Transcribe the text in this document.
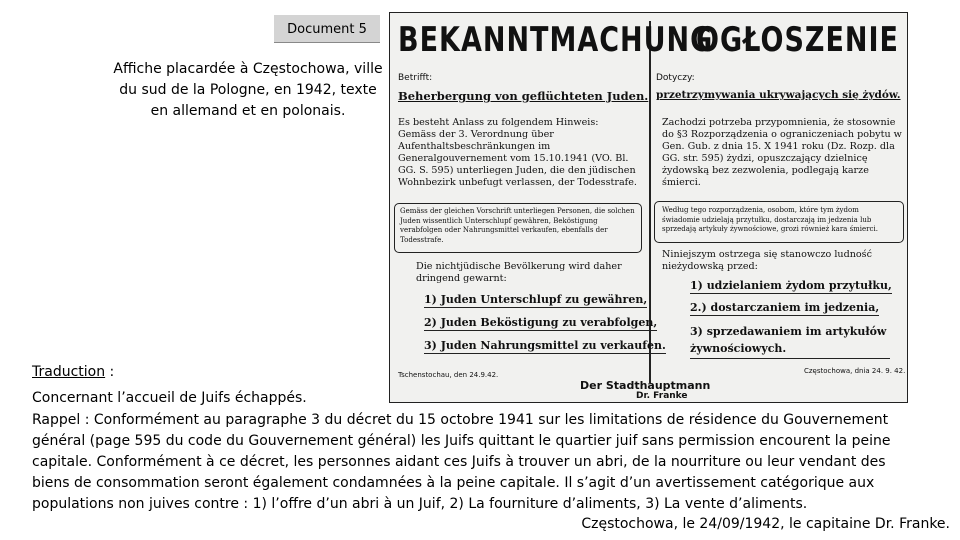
Document 5
Affiche placardée à Częstochowa, ville du sud de la Pologne, en 1942, texte en allemand et en polonais.
BEKANNTMACHUNG
Betrifft:
Beherbergung von geflüchteten Juden.
Es besteht Anlass zu folgendem Hinweis: Gemäss der 3. Verordnung über Aufenthaltsbeschränkungen im Generalgouvernement vom 15.10.1941 (VO. Bl. GG. S. 595) unterliegen Juden, die den jüdischen Wohnbezirk unbefugt verlassen, der Todesstrafe.
Gemäss der gleichen Vorschrift unterliegen Personen, die solchen Juden wissentlich Unterschlupf gewähren, Beköstigung verabfolgen oder Nahrungsmittel verkaufen, ebenfalls der Todesstrafe.
Die nichtjüdische Bevölkerung wird daher dringend gewarnt:
1) Juden Unterschlupf zu gewähren,
2) Juden Beköstigung zu verabfolgen,
3) Juden Nahrungsmittel zu verkaufen.
Tschenstochau, den 24.9.42.
OGŁOSZENIE
Dotyczy:
przetrzymywania ukrywających się żydów.
Zachodzi potrzeba przypomnienia, że stosownie do §3 Rozporządzenia o ograniczeniach pobytu w Gen. Gub. z dnia 15. X 1941 roku (Dz. Rozp. dla GG. str. 595) żydzi, opuszczający dzielnicę żydowską bez zezwolenia, podlegają karze śmierci.
Według tego rozporządzenia, osobom, które tym żydom świadomie udzielają przytułku, dostarczają im jedzenia lub sprzedają artykuły żywnościowe, grozi również kara śmierci.
Niniejszym ostrzega się stanowczo ludność nieżydowską przed:
1) udzielaniem żydom przytułku,
2.) dostarczaniem im jedzenia,
3) sprzedawaniem im artykułów żywnościowych.
Częstochowa, dnia 24. 9. 42.
Der Stadthauptmann
Dr. Franke
Traduction :
Concernant l’accueil de Juifs échappés.
Rappel : Conformément au paragraphe 3 du décret du 15 octobre 1941 sur les limitations de résidence du Gouvernement général (page 595 du code du Gouvernement général) les Juifs quittant le quartier juif sans permission encourent la peine capitale. Conformément à ce décret, les personnes aidant ces Juifs à trouver un abri, de la nourriture ou leur vendant des biens de consommation seront également condamnées à la peine capitale. Il s’agit d’un avertissement catégorique aux populations non juives contre : 1) l’offre d’un abri à un Juif, 2) La fourniture d’aliments, 3) La vente d’aliments.
Częstochowa, le 24/09/1942, le capitaine Dr. Franke.
